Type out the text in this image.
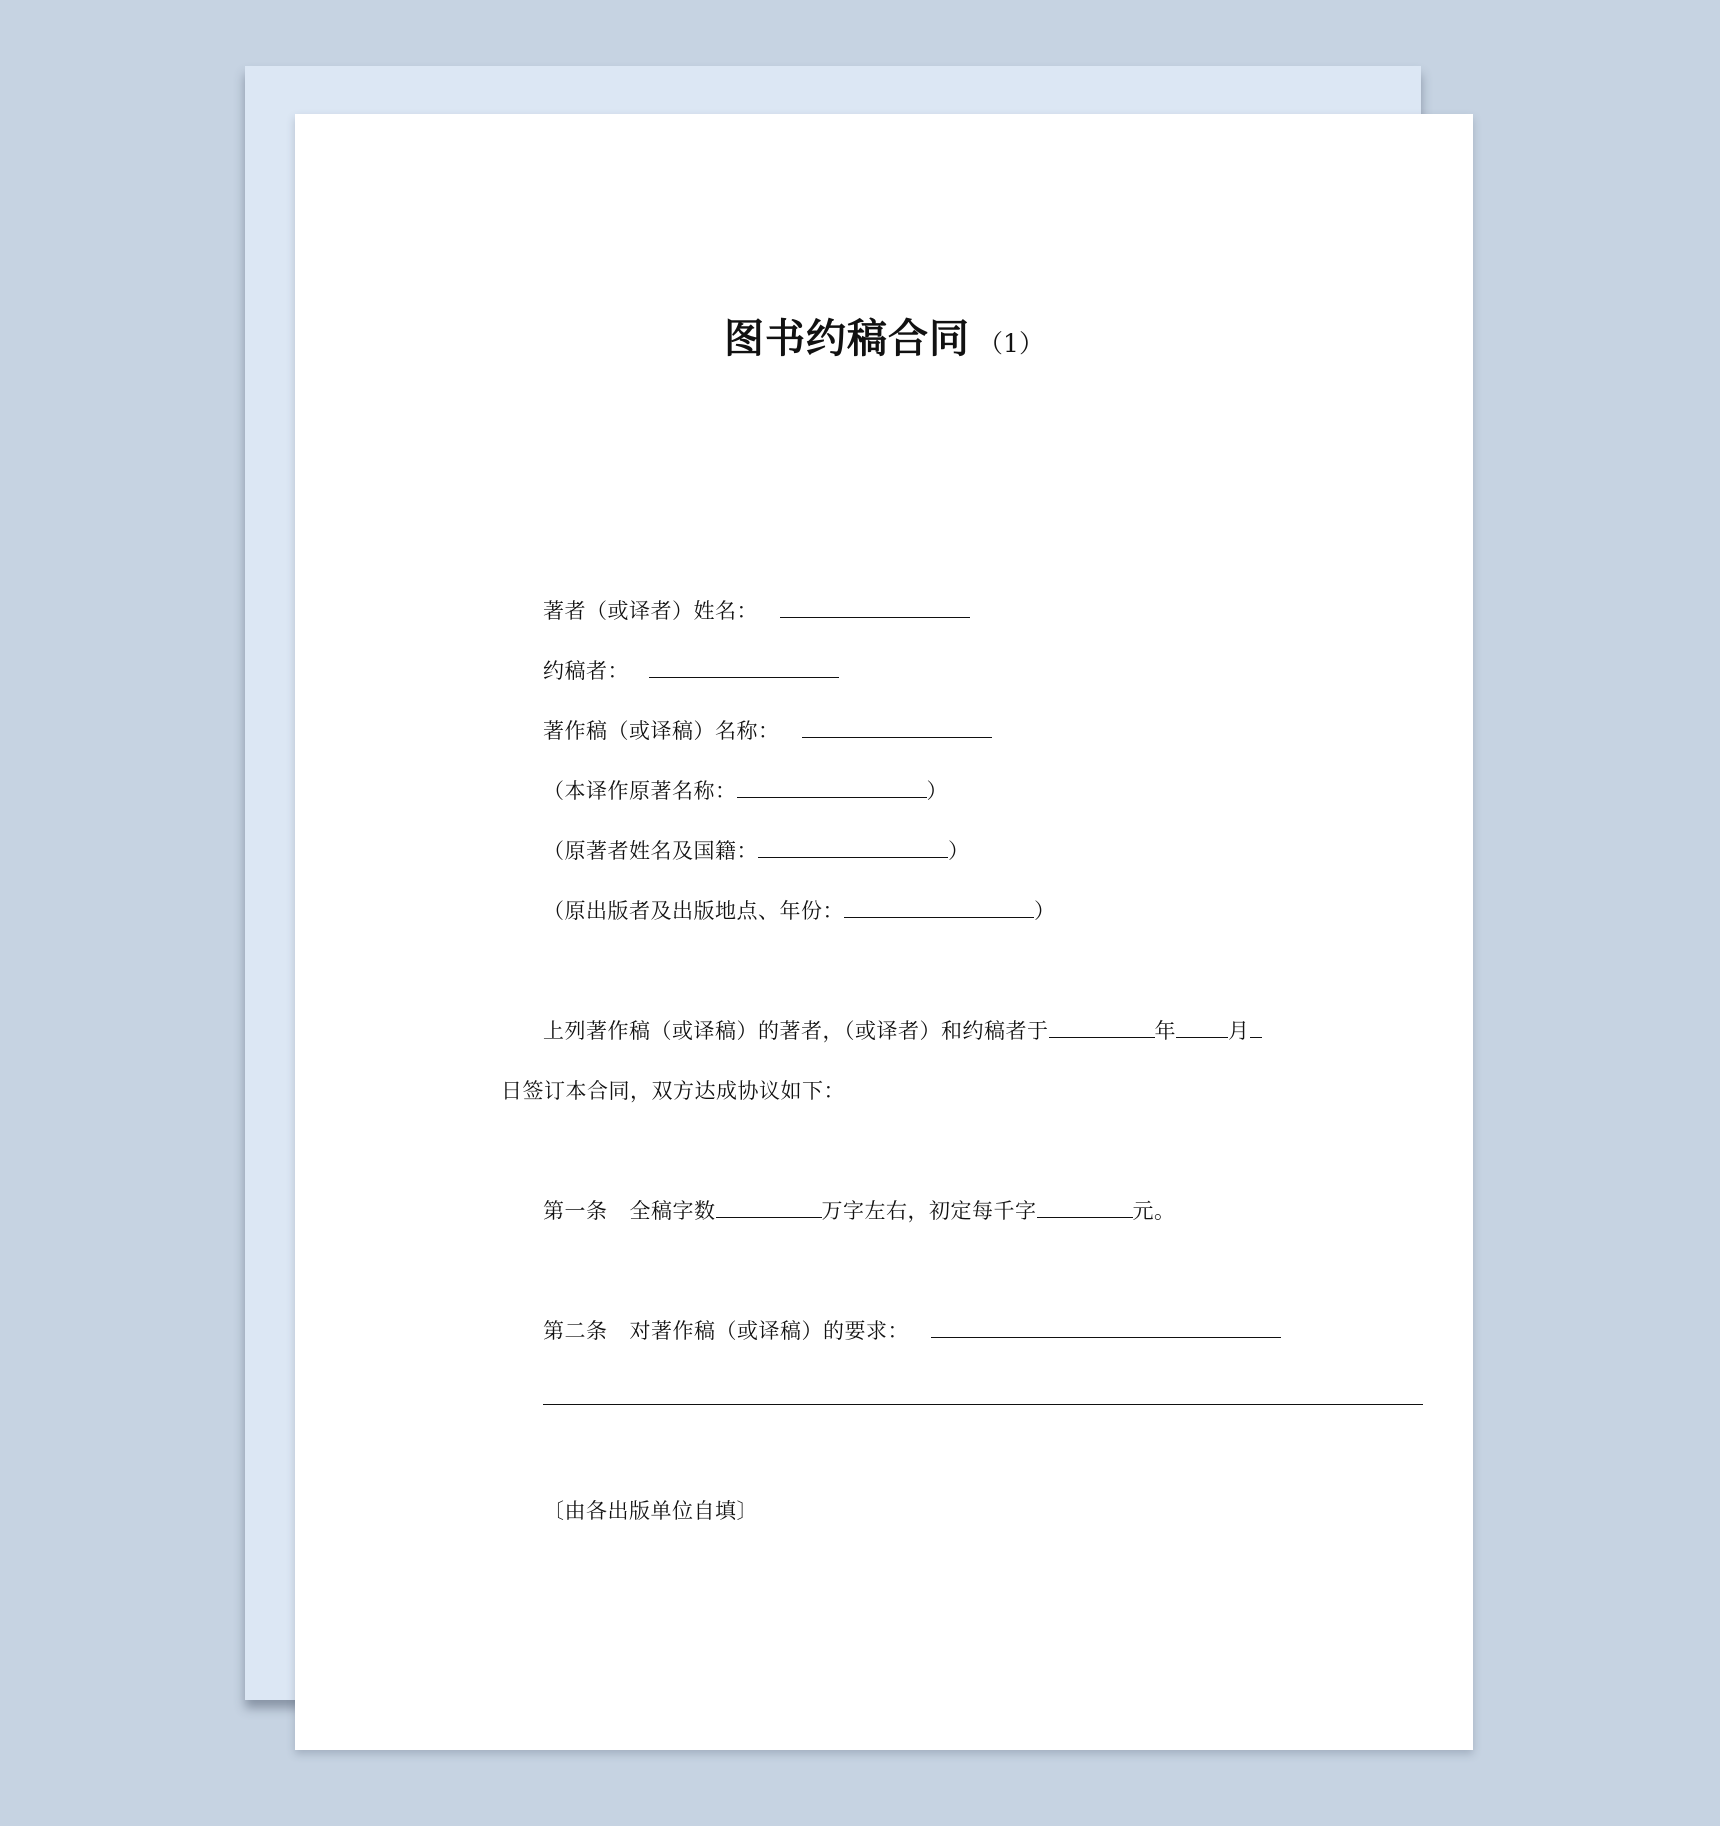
图书约稿合同 （1）
著者（或译者）姓名：
约稿者：
著作稿（或译稿）名称：
（本译作原著名称：	）
（原著者姓名及国籍：	）
（原出版者及出版地点、年份：	）
上列著作稿（或译稿）的著者，（或译者）和约稿者于	年 月
日签订本合同，双方达成协议如下：
第一条 全稿字数	万字左右，初定每千字	元。
第二条 对著作稿（或译稿）的要求：
〔由各出版单位自填〕
